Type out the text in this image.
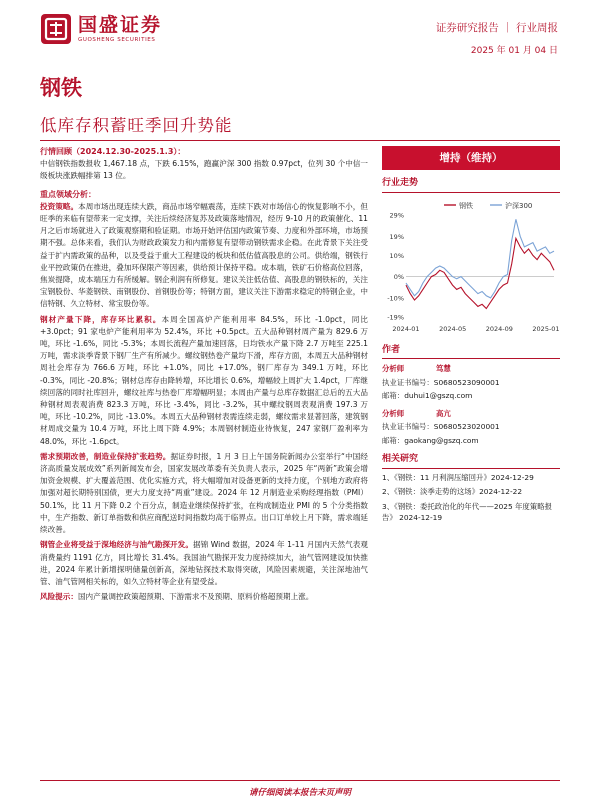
国盛证券
GUOSHENG SECURITIES
证券研究报告 ｜ 行业周报
2025 年 01 月 04 日
钢铁
低库存积蓄旺季回升势能
行情回顾（2024.12.30-2025.1.3）：
中信钢铁指数报收 1,467.18 点，下跌 6.15%，跑赢沪深 300 指数 0.97pct，位列 30 个中信一级板块涨跌幅排第 13 位。
重点领域分析：
投资策略。本周市场出现连续大跌，商品市场窄幅震荡，连续下跌对市场信心的恢复影响不小，但旺季的来临有望带来一定支撑，关注后续经济复苏及政策落地情况，经历 9-10 月的政策催化、11 月之后市场就进入了政策观察期和验证期。市场开始评估国内政策节奏、力度和外部环境，市场预期不强。总体来看，我们认为财政政策发力和内需修复有望带动钢铁需求企稳。在此背景下关注受益于扩内需政策的品种，以及受益于重大工程建设的板块和低估值高股息的公司。供给端，钢铁行业平控政策仍在推进，叠加环保限产等因素，供给预计保持平稳。成本端，铁矿石价格高位回落，焦炭提降，成本端压力有所缓解。钢企利润有所修复。建议关注低估值、高股息的钢铁标的，关注宝钢股份、华菱钢铁、南钢股份、首钢股份等；特钢方面，建议关注下游需求稳定的特钢企业，中信特钢、久立特材、常宝股份等。
钢材产量下降，库存环比累积。本周全国高炉产能利用率 84.5%，环比 -1.0pct，同比 +3.0pct；91 家电炉产能利用率为 52.4%，环比 +0.5pct。五大品种钢材周产量为 829.6 万吨，环比 -1.6%，同比 -5.3%；本周长流程产量加速回落，日均铁水产量下降 2.7 万吨至 225.1 万吨，需求淡季背景下钢厂生产有所减少。螺纹钢热卷产量均下滑，库存方面，本周五大品种钢材周社会库存为 766.6 万吨，环比 +1.0%，同比 +17.0%，钢厂库存为 349.1 万吨，环比 -0.3%，同比 -20.8%；钢材总库存由降转增，环比增长 0.6%，增幅较上周扩大 1.4pct，厂库继续回落的同时社库回升，螺纹社库与热卷厂库增幅明显；本周由产量与总库存数据汇总后的五大品种钢材周表观消费 823.3 万吨，环比 -3.4%，同比 -3.2%，其中螺纹钢周表观消费 197.3 万吨，环比 -10.2%，同比 -13.0%。本周五大品种钢材表需连续走弱，螺纹需求显著回落，建筑钢材周成交量为 10.4 万吨，环比上周下降 4.9%；本周钢材制造业待恢复，247 家钢厂盈利率为 48.0%，环比 -1.6pct。
需求预期改善，制造业保持扩张趋势。据证券时报，1 月 3 日上午国务院新闻办公室举行“中国经济高质量发展成效”系列新闻发布会，国家发展改革委有关负责人表示，2025 年“两新”政策会增加资金规模、扩大覆盖范围、优化实施方式，将大幅增加对设备更新的支持力度，个别地方政府将加强对超长期特别国债，更大力度支持“两重”建设。2024 年 12 月制造业采购经理指数（PMI）50.1%，比 11 月下降 0.2 个百分点，制造业继续保持扩张，在构成制造业 PMI 的 5 个分类指数中，生产指数、新订单指数和供应商配送时间指数均高于临界点。出口订单较上月下降，需求端延续改善。
钢管企业将受益于深地经济与油气勘探开发。据锦 Wind 数据，2024 年 1-11 月国内天然气表观消费量约 1191 亿方，同比增长 31.4%。我国油气勘探开发力度持续加大，油气管网建设加快推进，2024 年累计新增探明储量创新高，深地钻探技术取得突破，风险因素规避，关注深地油气管、油气管网相关标的，如久立特材等企业有望受益。
风险提示：国内产量调控政策超预期、下游需求不及预期、原料价格超预期上涨。
增持（维持）
行业走势
钢铁	沪深300
29%
19%
10%
0%
-10%
-19%
2024-01	2024-05	2024-09	2025-01
作者
分析师	笃慧
执业证书编号： S0680523090001
邮箱： duhui1@gszq.com
分析师	高亢
执业证书编号： S0680523020001
邮箱： gaokang@gszq.com
相关研究

1、《钢铁：11 月利润压缩回升》2024-12-29

2、《钢铁：淡季走势的这场》2024-12-22

3、《钢铁：委托政治化的年代——2025 年度策略报告》 2024-12-19

请仔细阅读本报告末页声明
